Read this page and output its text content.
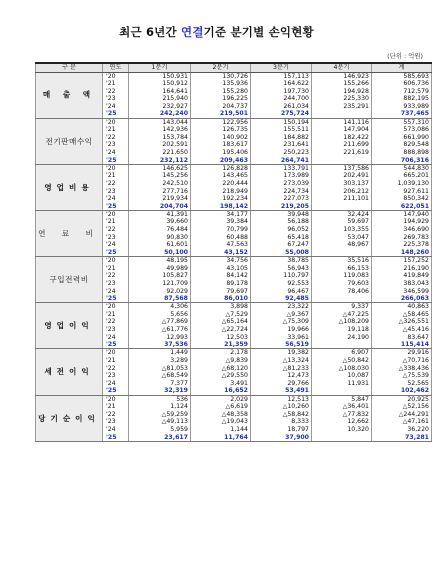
최근 6년간 연결기준 분기별 손익현황
(단위 : 억원)
구 분	연도	1분기	2분기	3분기	4분기	계
매 출 액	'20	150,931	130,726	157,113	146,923	585,693
	'21	150,912	135,936	164,622	155,266	606,736
	'22	164,641	155,280	197,730	194,928	712,579
	'23	215,940	196,225	244,700	225,330	882,195
	'24	232,927	204,737	261,034	235,291	933,989
	'25	242,240	219,501	275,724		737,465
전기판매수익	'20	143,044	122,956	150,194	141,116	557,310
	'21	142,936	126,735	155,511	147,904	573,086
	'22	153,784	140,902	184,882	182,422	661,990
	'23	202,591	183,617	231,641	211,699	829,548
	'24	221,650	195,406	250,223	221,619	888,898
	'25	232,112	209,463	264,741		706,316
영업비용	'20	146,625	126,828	133,791	137,586	544,830
	'21	145,256	143,465	173,989	202,491	665,201
	'22	242,510	220,444	273,039	303,137	1,039,130
	'23	277,716	218,949	224,734	206,212	927,611
	'24	219,934	192,234	227,073	211,101	850,342
	'25	204,704	198,142	219,205		622,051
연 료 비	'20	41,391	34,177	39,948	32,424	147,940
	'21	39,660	39,384	56,188	59,697	194,929
	'22	76,484	70,799	96,052	103,355	346,690
	'23	90,830	60,488	65,418	53,047	269,783
	'24	61,601	47,563	67,247	48,967	225,378
	'25	50,100	43,152	55,008		148,260
구입전력비	'20	48,195	34,756	38,785	35,516	157,252
	'21	49,989	43,105	56,943	66,153	216,190
	'22	105,827	84,142	110,797	119,083	419,849
	'23	121,709	89,178	92,553	79,603	383,043
	'24	92,029	79,697	96,467	78,406	346,599
	'25	87,568	86,010	92,485		266,063
영업이익	'20	4,306	3,898	23,322	9,337	40,863
	'21	5,656	△7,529	△9,367	△47,225	△58,465
	'22	△77,869	△65,164	△75,309	△108,209	△326,551
	'23	△61,776	△22,724	19,966	19,118	△45,416
	'24	12,993	12,503	33,961	24,190	83,647
	'25	37,536	21,359	56,519		115,414
세전이익	'20	1,449	2,178	19,382	6,907	29,916
	'21	3,289	△9,839	△13,324	△50,842	△70,716
	'22	△81,053	△68,120	△81,233	△108,030	△338,436
	'23	△68,549	△29,550	12,473	10,087	△75,539
	'24	7,377	3,491	29,766	11,931	52,565
	'25	32,319	16,652	53,491		102,462
당기순이익	'20	536	2,029	12,513	5,847	20,925
	'21	1,124	△6,619	△10,260	△36,401	△52,156
	'22	△59,259	△48,358	△58,842	△77,832	△244,291
	'23	△49,113	△19,043	8,333	12,662	△47,161
	'24	5,959	1,144	18,797	10,320	36,220
	'25	23,617	11,764	37,900		73,281
